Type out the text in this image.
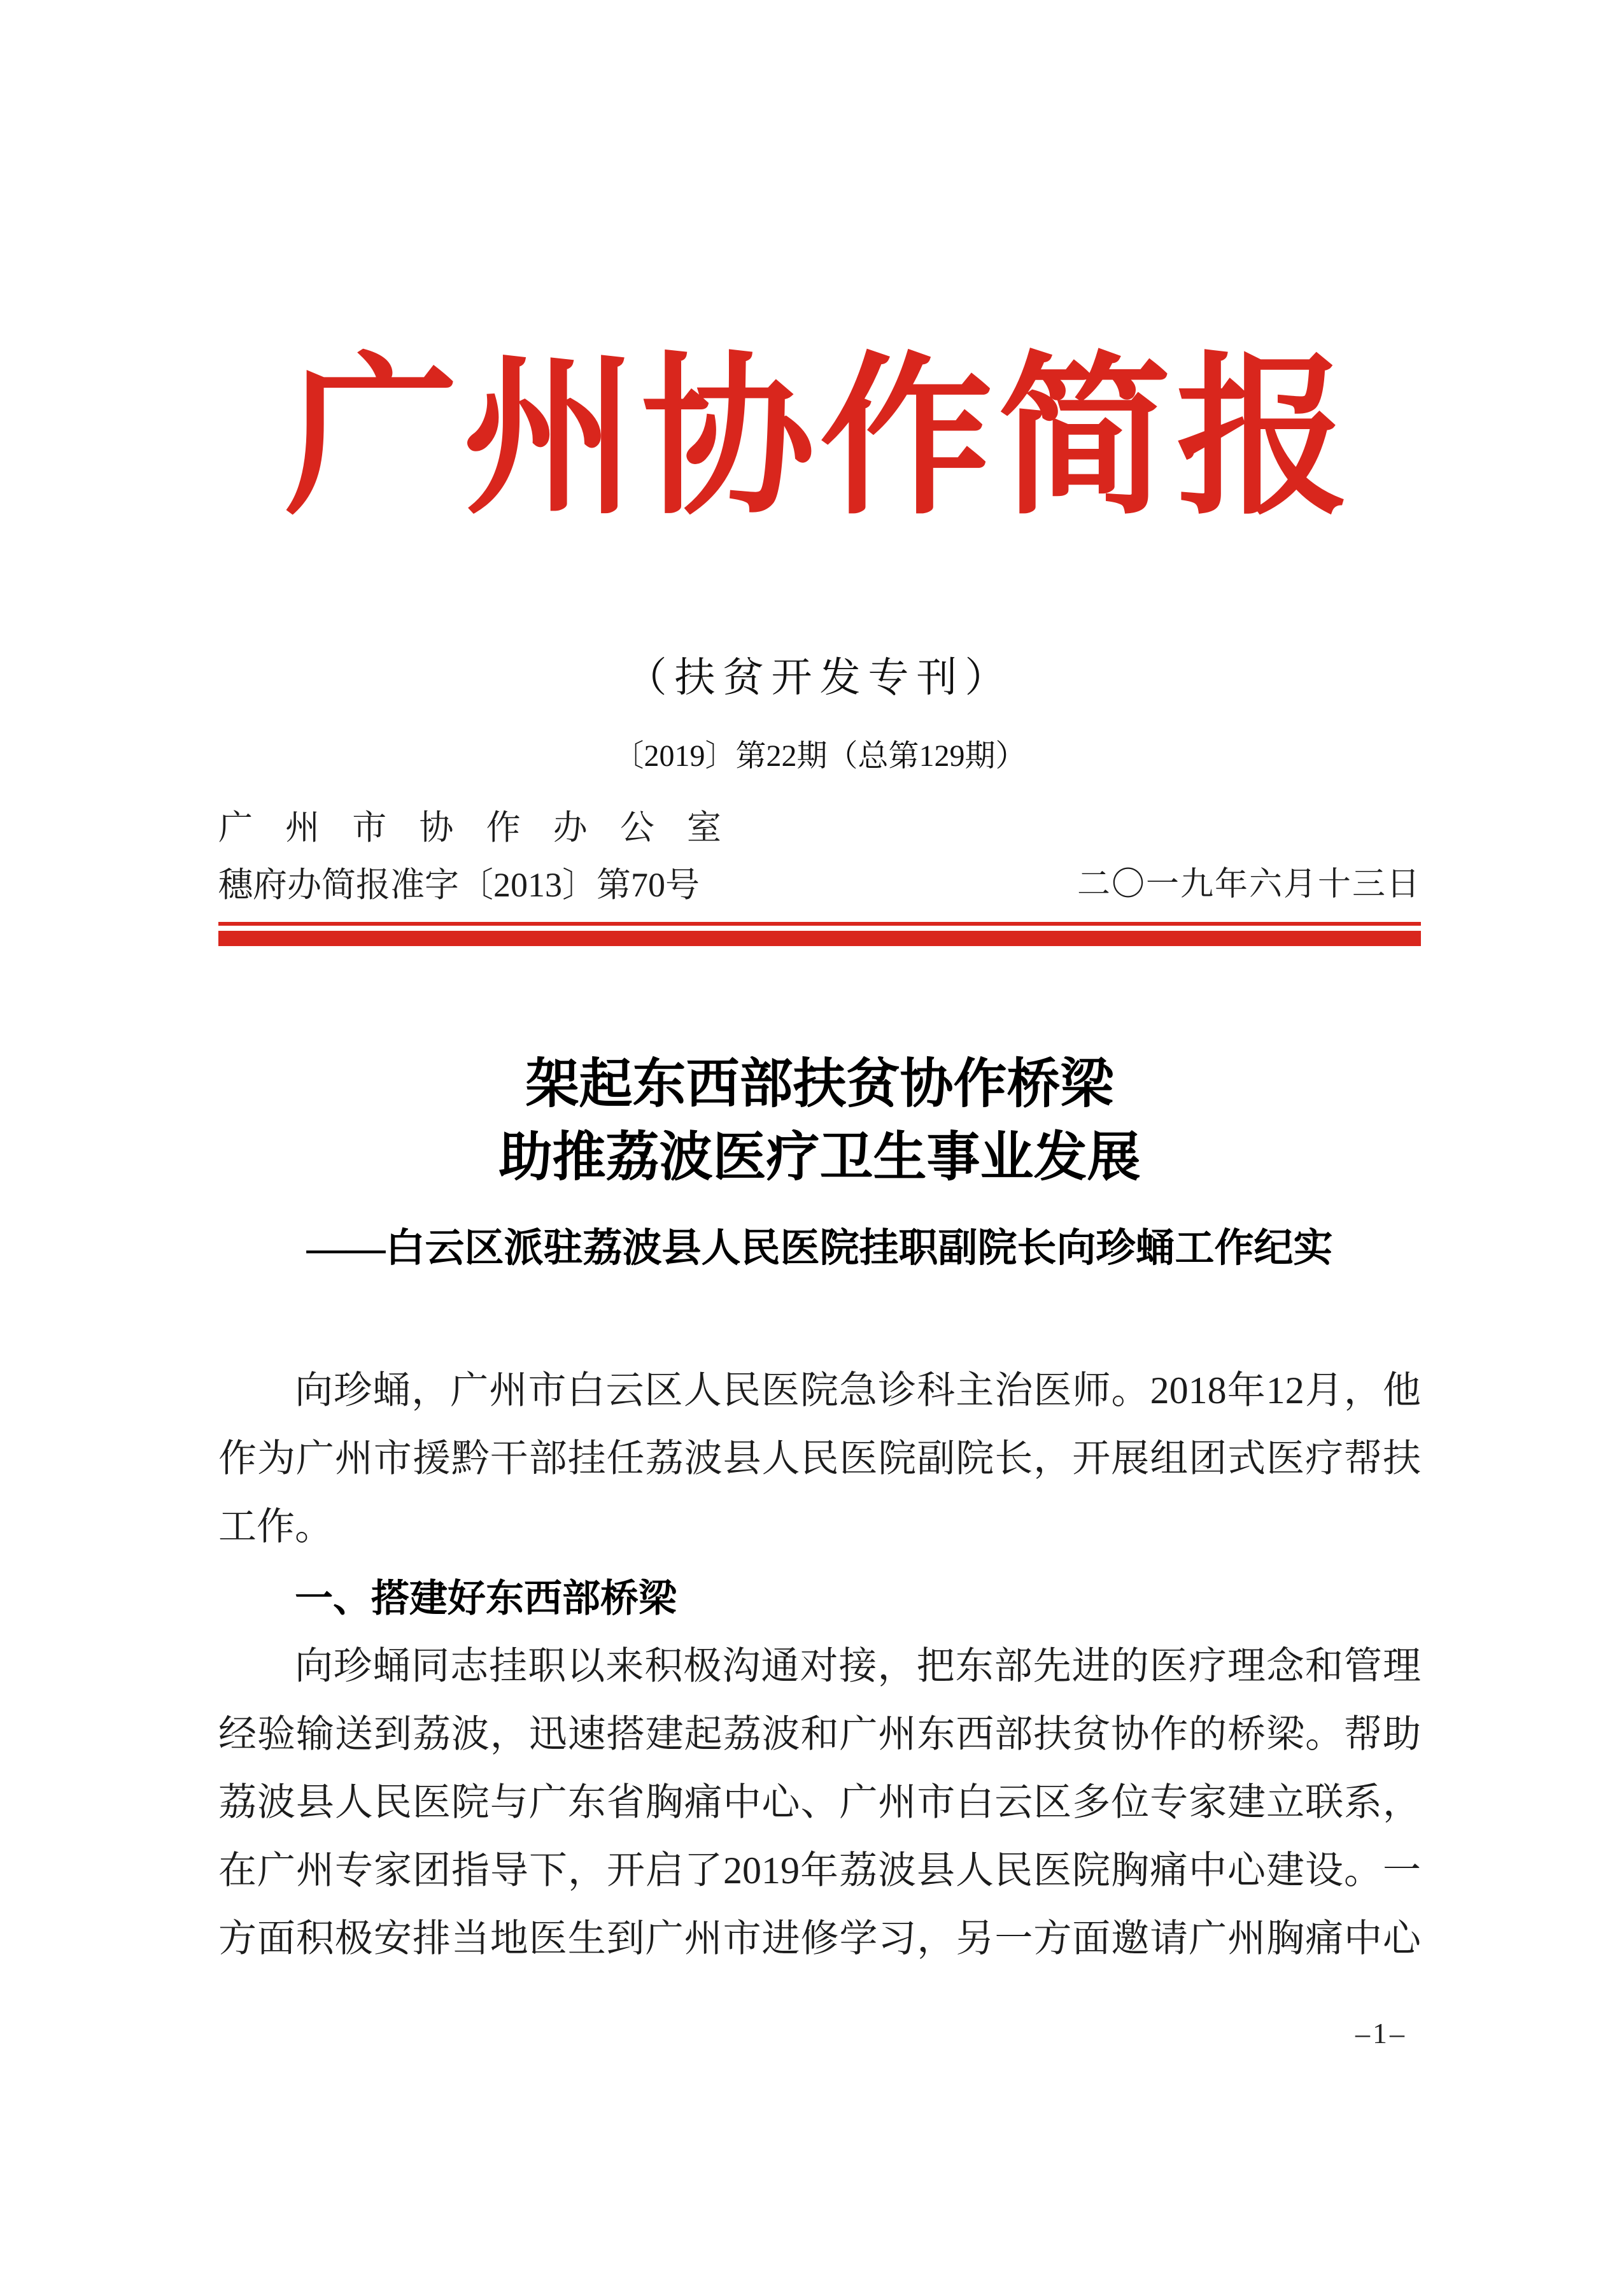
广州协作简报
（扶贫开发专刊）
〔2019〕第22期（总第129期）
广州市协作办公室
穗府办简报准字〔2013〕第70号	二〇一九年六月十三日
架起东西部扶贫协作桥梁
助推荔波医疗卫生事业发展
——白云区派驻荔波县人民医院挂职副院长向珍蛹工作纪实

向珍蛹，广州市白云区人民医院急诊科主治医师。2018年12月，他
作为广州市援黔干部挂任荔波县人民医院副院长，开展组团式医疗帮扶
工作。

一、搭建好东西部桥梁

向珍蛹同志挂职以来积极沟通对接，把东部先进的医疗理念和管理
经验输送到荔波，迅速搭建起荔波和广州东西部扶贫协作的桥梁。帮助
荔波县人民医院与广东省胸痛中心、广州市白云区多位专家建立联系，
在广州专家团指导下，开启了2019年荔波县人民医院胸痛中心建设。一
方面积极安排当地医生到广州市进修学习，另一方面邀请广州胸痛中心

–1–
